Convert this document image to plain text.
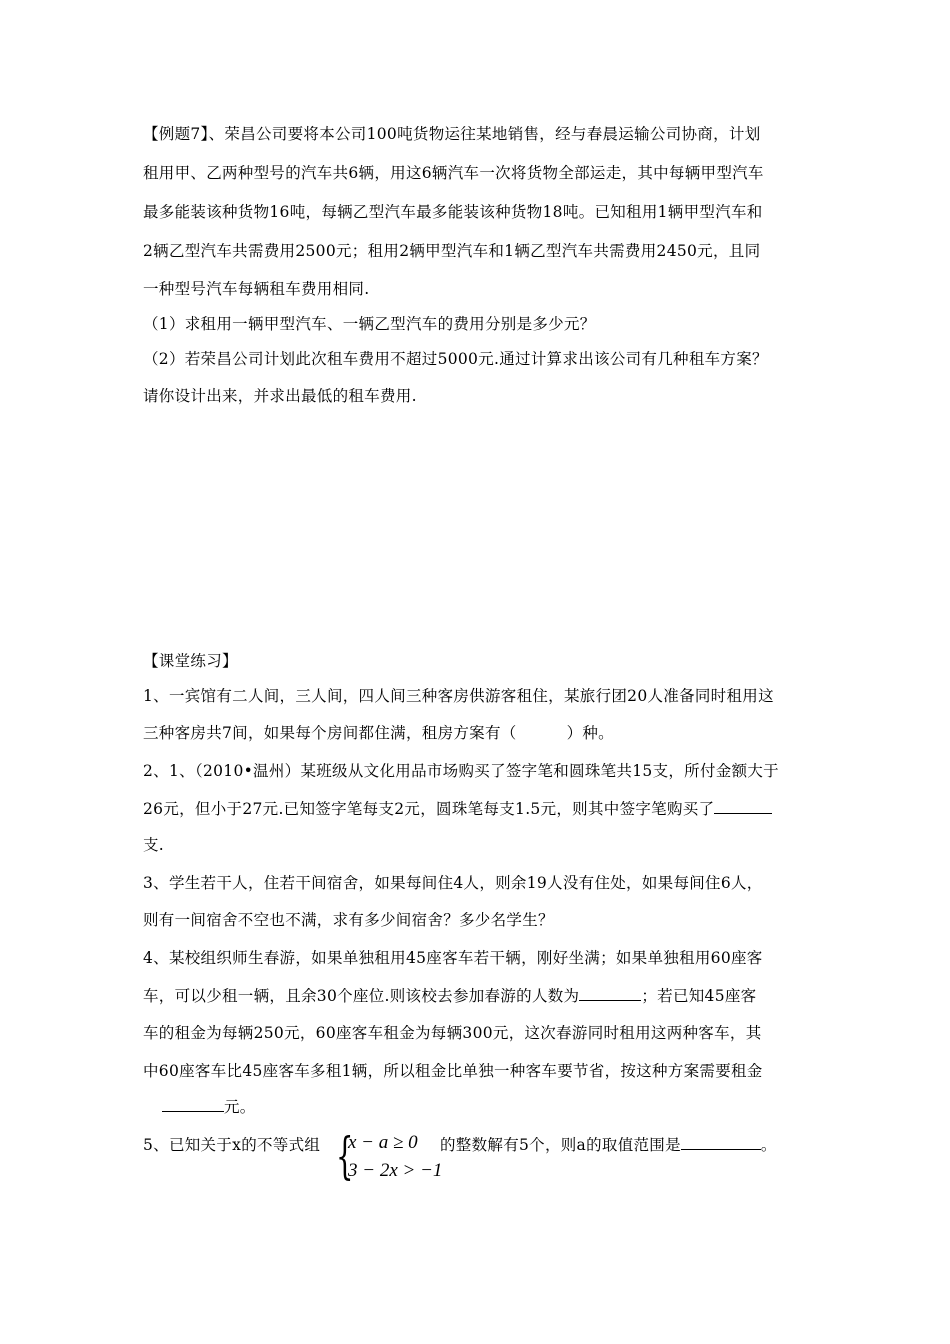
【例题7】、荣昌公司要将本公司100吨货物运往某地销售，经与春晨运输公司协商，计划
租用甲、乙两种型号的汽车共6辆，用这6辆汽车一次将货物全部运走，其中每辆甲型汽车
最多能装该种货物16吨，每辆乙型汽车最多能装该种货物18吨。已知租用1辆甲型汽车和
2辆乙型汽车共需费用2500元；租用2辆甲型汽车和1辆乙型汽车共需费用2450元，且同
一种型号汽车每辆租车费用相同.
（1）求租用一辆甲型汽车、一辆乙型汽车的费用分别是多少元？
（2）若荣昌公司计划此次租车费用不超过5000元.通过计算求出该公司有几种租车方案？
请你设计出来，并求出最低的租车费用.
【课堂练习】
1、一宾馆有二人间，三人间，四人间三种客房供游客租住，某旅行团20人准备同时租用这
三种客房共7间，如果每个房间都住满，租房方案有（	）种。
2、1、（2010•温州）某班级从文化用品市场购买了签字笔和圆珠笔共15支，所付金额大于
26元，但小于27元.已知签字笔每支2元，圆珠笔每支1.5元，则其中签字笔购买了
支.
3、学生若干人，住若干间宿舍，如果每间住4人，则余19人没有住处，如果每间住6人，
则有一间宿舍不空也不满，求有多少间宿舍？多少名学生？
4、某校组织师生春游，如果单独租用45座客车若干辆，刚好坐满；如果单独租用60座客
车，可以少租一辆，且余30个座位.则该校去参加春游的人数为	；若已知45座客
车的租金为每辆250元，60座客车租金为每辆300元，这次春游同时租用这两种客车，其
中60座客车比45座客车多租1辆，所以租金比单独一种客车要节省，按这种方案需要租金
元。
5、已知关于x的不等式组 {
x − a ≥ 0
3 − 2x > −1
的整数解有5个，则a的取值范围是	。
